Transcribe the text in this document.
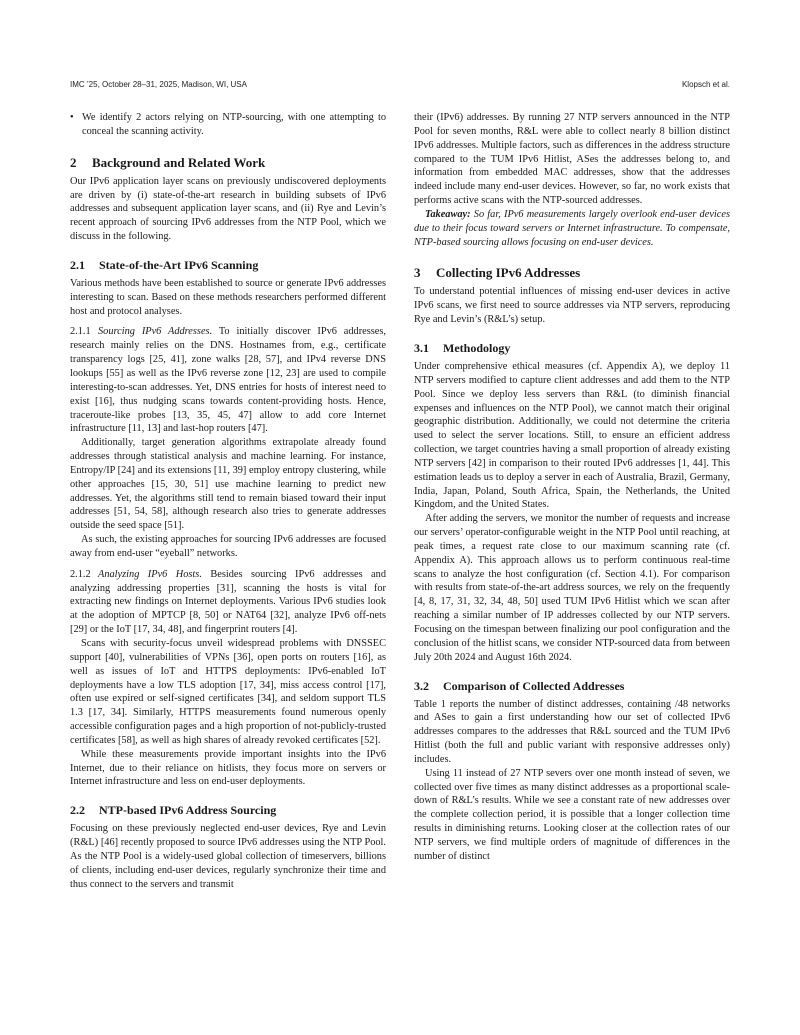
IMC ’25, October 28–31, 2025, Madison, WI, USA	Klopsch et al.
• We identify 2 actors relying on NTP-sourcing, with one attempting to conceal the scanning activity.
2 Background and Related Work

Our IPv6 application layer scans on previously undiscovered deployments are driven by (i) state-of-the-art research in building subsets of IPv6 addresses and subsequent application layer scans, and (ii) Rye and Levin’s recent approach of sourcing IPv6 addresses from the NTP Pool, which we discuss in the following.

2.1 State-of-the-Art IPv6 Scanning

Various methods have been established to source or generate IPv6 addresses interesting to scan. Based on these methods researchers performed different host and protocol analyses.

2.1.1 Sourcing IPv6 Addresses. To initially discover IPv6 addresses, research mainly relies on the DNS. Hostnames from, e.g., certificate transparency logs [25, 41], zone walks [28, 57], and IPv4 reverse DNS lookups [55] as well as the IPv6 reverse zone [12, 23] are used to compile interesting-to-scan addresses. Yet, DNS entries for hosts of interest need to exist [16], thus nudging scans towards content-providing hosts. Hence, traceroute-like probes [13, 35, 45, 47] allow to add core Internet infrastructure [11, 13] and last-hop routers [47].

Additionally, target generation algorithms extrapolate already found addresses through statistical analysis and machine learning. For instance, Entropy/IP [24] and its extensions [11, 39] employ entropy clustering, while other approaches [15, 30, 51] use machine learning to predict new addresses. Yet, the algorithms still tend to remain biased toward their input addresses [51, 54, 58], although research also tries to generate addresses outside the seed space [51].

As such, the existing approaches for sourcing IPv6 addresses are focused away from end-user “eyeball” networks.

2.1.2 Analyzing IPv6 Hosts. Besides sourcing IPv6 addresses and analyzing addressing properties [31], scanning the hosts is vital for extracting new findings on Internet deployments. Various IPv6 studies look at the adoption of MPTCP [8, 50] or NAT64 [32], analyze IPv6 off-nets [29] or the IoT [17, 34, 48], and fingerprint routers [4].

Scans with security-focus unveil widespread problems with DNSSEC support [40], vulnerabilities of VPNs [36], open ports on routers [16], as well as issues of IoT and HTTPS deployments: IPv6-enabled IoT deployments have a low TLS adoption [17, 34], miss access control [17], often use expired or self-signed certificates [34], and seldom support TLS 1.3 [17, 34]. Similarly, HTTPS measurements found numerous openly accessible configuration pages and a high proportion of not-publicly-trusted certificates [58], as well as high shares of already revoked certificates [52].

While these measurements provide important insights into the IPv6 Internet, due to their reliance on hitlists, they focus more on servers or Internet infrastructure and less on end-user deployments.

2.2 NTP-based IPv6 Address Sourcing

Focusing on these previously neglected end-user devices, Rye and Levin (R&L) [46] recently proposed to source IPv6 addresses using the NTP Pool. As the NTP Pool is a widely-used global collection of timeservers, billions of clients, including end-user devices, regularly synchronize their time and thus connect to the servers and transmit

their (IPv6) addresses. By running 27 NTP servers announced in the NTP Pool for seven months, R&L were able to collect nearly 8 billion distinct IPv6 addresses. Multiple factors, such as differences in the address structure compared to the TUM IPv6 Hitlist, ASes the addresses belong to, and information from embedded MAC addresses, show that the addresses indeed include many end-user devices. However, so far, no work exists that performs active scans with the NTP-sourced addresses.

Takeaway: So far, IPv6 measurements largely overlook end-user devices due to their focus toward servers or Internet infrastructure. To compensate, NTP-based sourcing allows focusing on end-user devices.

3 Collecting IPv6 Addresses

To understand potential influences of missing end-user devices in active IPv6 scans, we first need to source addresses via NTP servers, reproducing Rye and Levin’s (R&L’s) setup.

3.1 Methodology

Under comprehensive ethical measures (cf. Appendix A), we deploy 11 NTP servers modified to capture client addresses and add them to the NTP Pool. Since we deploy less servers than R&L (to diminish financial expenses and influences on the NTP Pool), we cannot match their original geographic distribution. Additionally, we could not determine the criteria used to select the server locations. Still, to ensure an efficient address collection, we target countries having a small proportion of already existing NTP servers [42] in comparison to their routed IPv6 addresses [1, 44]. This estimation leads us to deploy a server in each of Australia, Brazil, Germany, India, Japan, Poland, South Africa, Spain, the Netherlands, the United Kingdom, and the United States.

After adding the servers, we monitor the number of requests and increase our servers’ operator-configurable weight in the NTP Pool until reaching, at peak times, a request rate close to our maximum scanning rate (cf. Appendix A). This approach allows us to perform continuous real-time scans to analyze the host configuration (cf. Section 4.1). For comparison with results from state-of-the-art address sources, we rely on the frequently [4, 8, 17, 31, 32, 34, 48, 50] used TUM IPv6 Hitlist which we scan after reaching a similar number of IP addresses collected by our NTP servers. Focusing on the timespan between finalizing our pool configuration and the conclusion of the hitlist scans, we consider NTP-sourced data from between July 20th 2024 and August 16th 2024.

3.2 Comparison of Collected Addresses

Table 1 reports the number of distinct addresses, containing /48 networks and ASes to gain a first understanding how our set of collected IPv6 addresses compares to the addresses that R&L sourced and the TUM IPv6 Hitlist (both the full and public variant with responsive addresses only) includes.

Using 11 instead of 27 NTP severs over one month instead of seven, we collected over five times as many distinct addresses as a proportional scale-down of R&L’s results. While we see a constant rate of new addresses over the complete collection period, it is possible that a longer collection time results in diminishing returns. Looking closer at the collection rates of our NTP servers, we find multiple orders of magnitude of differences in the number of distinct
